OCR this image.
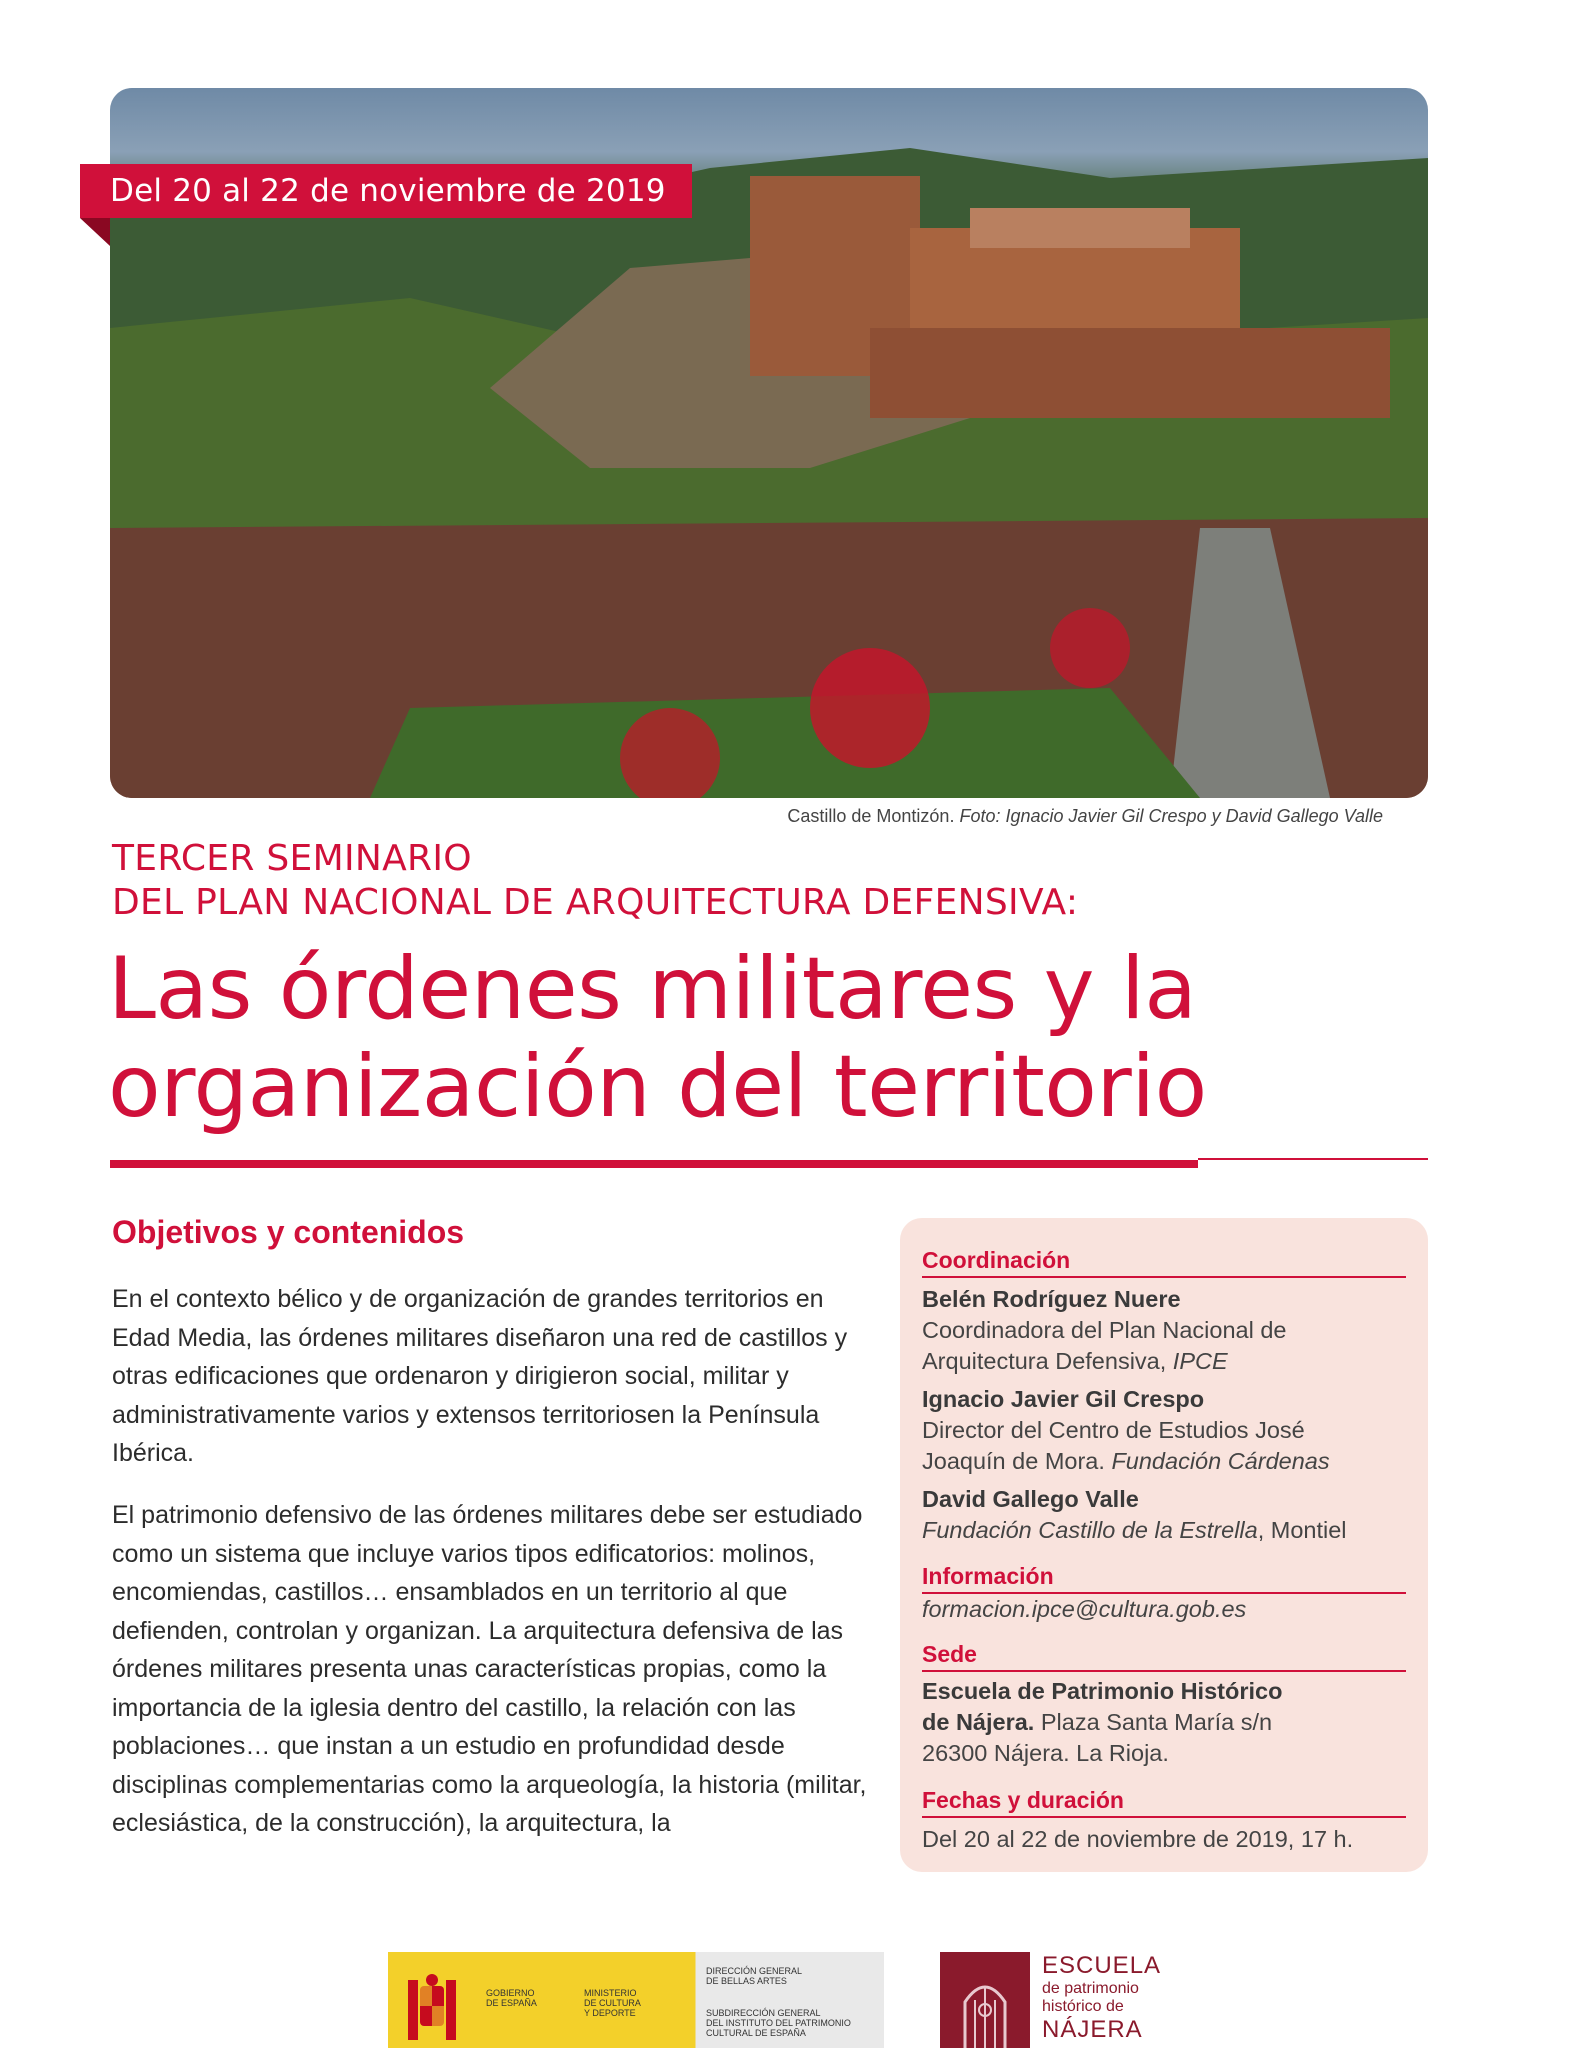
Del 20 al 22 de noviembre de 2019
Castillo de Montizón. Foto: Ignacio Javier Gil Crespo y David Gallego Valle
TERCER SEMINARIO
DEL PLAN NACIONAL DE ARQUITECTURA DEFENSIVA:
Las órdenes militares y la
organización del territorio
Objetivos y contenidos
En el contexto bélico y de organización de grandes territorios en Edad Media, las órdenes militares diseñaron una red de castillos y otras edificaciones que ordenaron y dirigieron social, militar y administrativamente varios y extensos territoriosen la Península Ibérica.
El patrimonio defensivo de las órdenes militares debe ser estudiado como un sistema que incluye varios tipos edificatorios: molinos, encomiendas, castillos… ensamblados en un territorio al que defienden, controlan y organizan. La arquitectura defensiva de las órdenes militares presenta unas características propias, como la importancia de la iglesia dentro del castillo, la relación con las poblaciones… que instan a un estudio en profundidad desde disciplinas complementarias como la arqueología, la historia (militar, eclesiástica, de la construcción), la arquitectura, la
Coordinación
Belén Rodríguez Nuere
Coordinadora del Plan Nacional de
Arquitectura Defensiva, IPCE
Ignacio Javier Gil Crespo
Director del Centro de Estudios José
Joaquín de Mora. Fundación Cárdenas
David Gallego Valle
Fundación Castillo de la Estrella, Montiel
Información
formacion.ipce@cultura.gob.es
Sede
Escuela de Patrimonio Histórico
de Nájera. Plaza Santa María s/n
26300 Nájera. La Rioja.
Fechas y duración
Del 20 al 22 de noviembre de 2019, 17 h.
GOBIERNO
DE ESPAÑA
MINISTERIO
DE CULTURA
Y DEPORTE
DIRECCIÓN GENERAL
DE BELLAS ARTES
SUBDIRECCIÓN GENERAL
DEL INSTITUTO DEL PATRIMONIO
CULTURAL DE ESPAÑA
ESCUELA
de patrimonio
histórico de
NÁJERA
